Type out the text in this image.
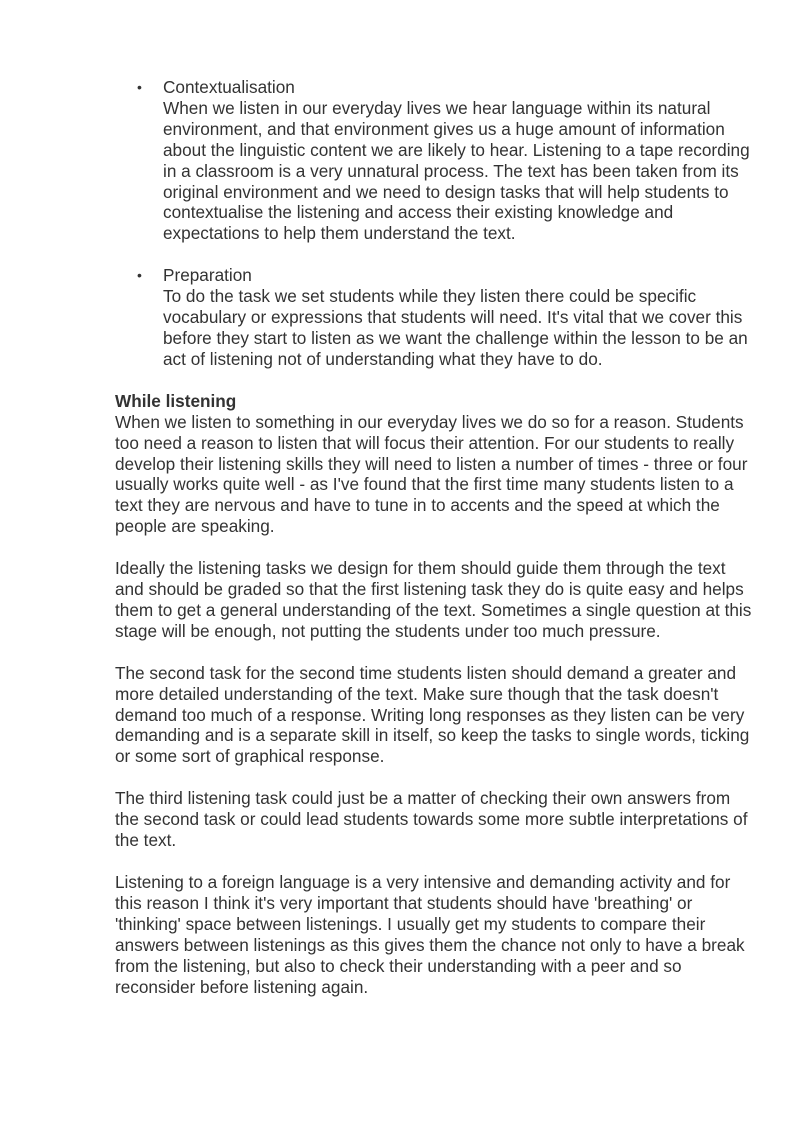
• Contextualisation
When we listen in our everyday lives we hear language within its natural environment, and that environment gives us a huge amount of information about the linguistic content we are likely to hear. Listening to a tape recording in a classroom is a very unnatural process. The text has been taken from its original environment and we need to design tasks that will help students to contextualise the listening and access their existing knowledge and expectations to help them understand the text.
• Preparation
To do the task we set students while they listen there could be specific vocabulary or expressions that students will need. It's vital that we cover this before they start to listen as we want the challenge within the lesson to be an act of listening not of understanding what they have to do.
While listening

When we listen to something in our everyday lives we do so for a reason. Students too need a reason to listen that will focus their attention. For our students to really develop their listening skills they will need to listen a number of times - three or four usually works quite well - as I've found that the first time many students listen to a text they are nervous and have to tune in to accents and the speed at which the people are speaking.

Ideally the listening tasks we design for them should guide them through the text and should be graded so that the first listening task they do is quite easy and helps them to get a general understanding of the text. Sometimes a single question at this stage will be enough, not putting the students under too much pressure.

The second task for the second time students listen should demand a greater and more detailed understanding of the text. Make sure though that the task doesn't demand too much of a response. Writing long responses as they listen can be very demanding and is a separate skill in itself, so keep the tasks to single words, ticking or some sort of graphical response.

The third listening task could just be a matter of checking their own answers from the second task or could lead students towards some more subtle interpretations of the text.

Listening to a foreign language is a very intensive and demanding activity and for this reason I think it's very important that students should have 'breathing' or 'thinking' space between listenings. I usually get my students to compare their answers between listenings as this gives them the chance not only to have a break from the listening, but also to check their understanding with a peer and so reconsider before listening again.
